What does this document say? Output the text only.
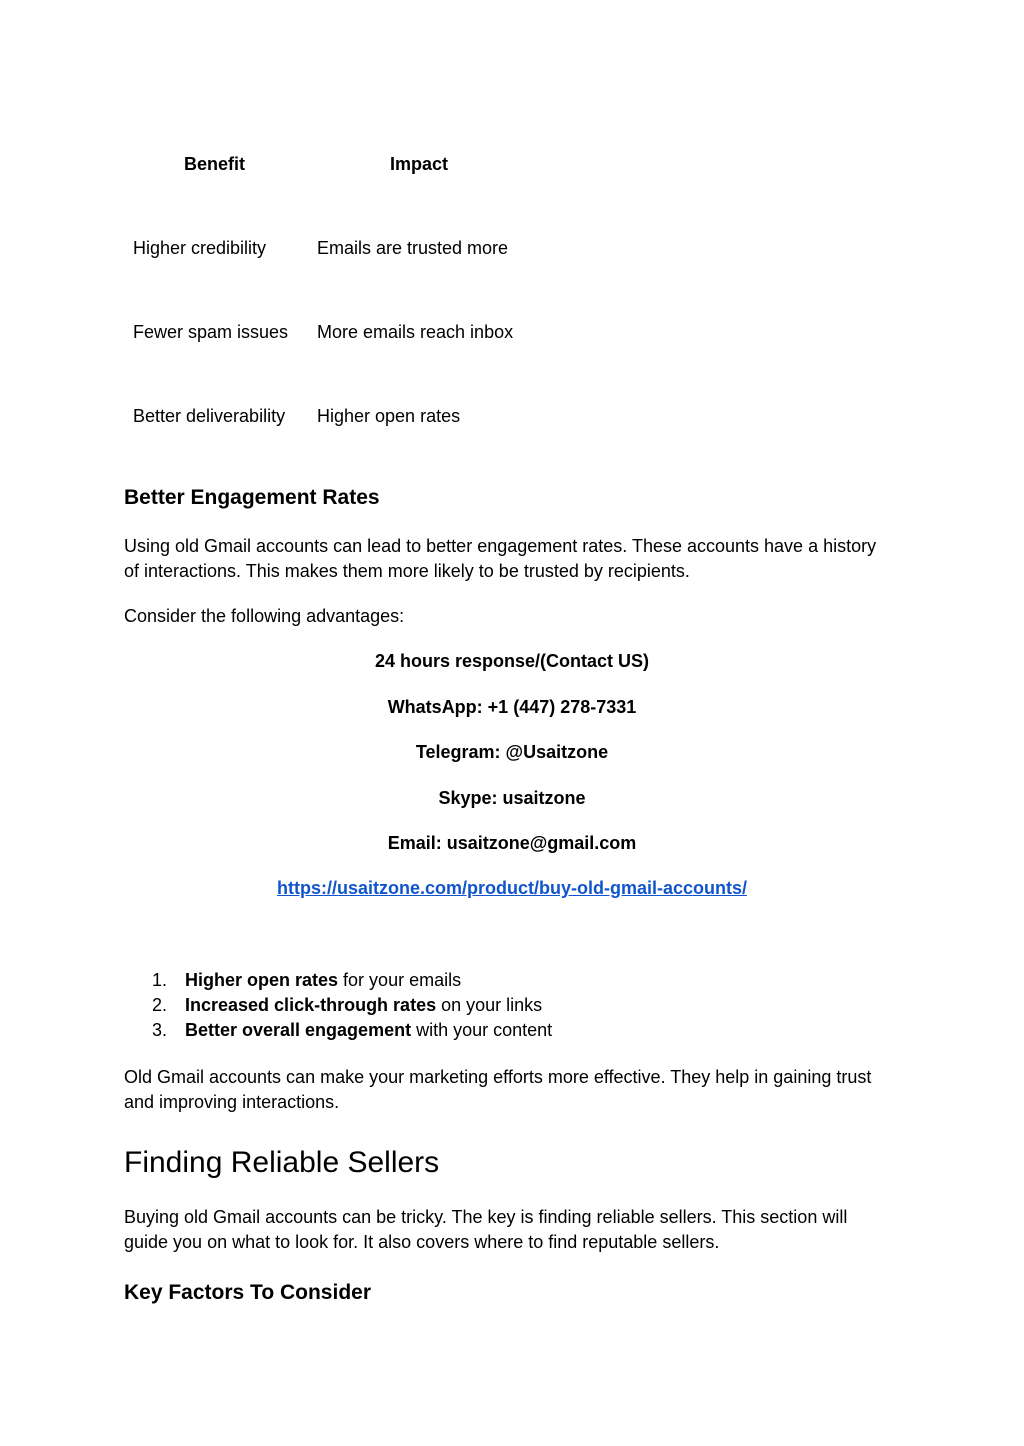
Benefit	Impact
Higher credibility	Emails are trusted more
Fewer spam issues More emails reach inbox
Better deliverability Higher open rates
Better Engagement Rates

Using old Gmail accounts can lead to better engagement rates. These accounts have a history of interactions. This makes them more likely to be trusted by recipients.

Consider the following advantages:

24 hours response/(Contact US)
WhatsApp: +1 (447) 278-7331
Telegram: @Usaitzone
Skype: usaitzone
Email: usaitzone@gmail.com
https://usaitzone.com/product/buy-old-gmail-accounts/
1. Higher open rates for your emails
2. Increased click-through rates on your links
3. Better overall engagement with your content

Old Gmail accounts can make your marketing efforts more effective. They help in gaining trust and improving interactions.

Finding Reliable Sellers

Buying old Gmail accounts can be tricky. The key is finding reliable sellers. This section will guide you on what to look for. It also covers where to find reputable sellers.

Key Factors To Consider
